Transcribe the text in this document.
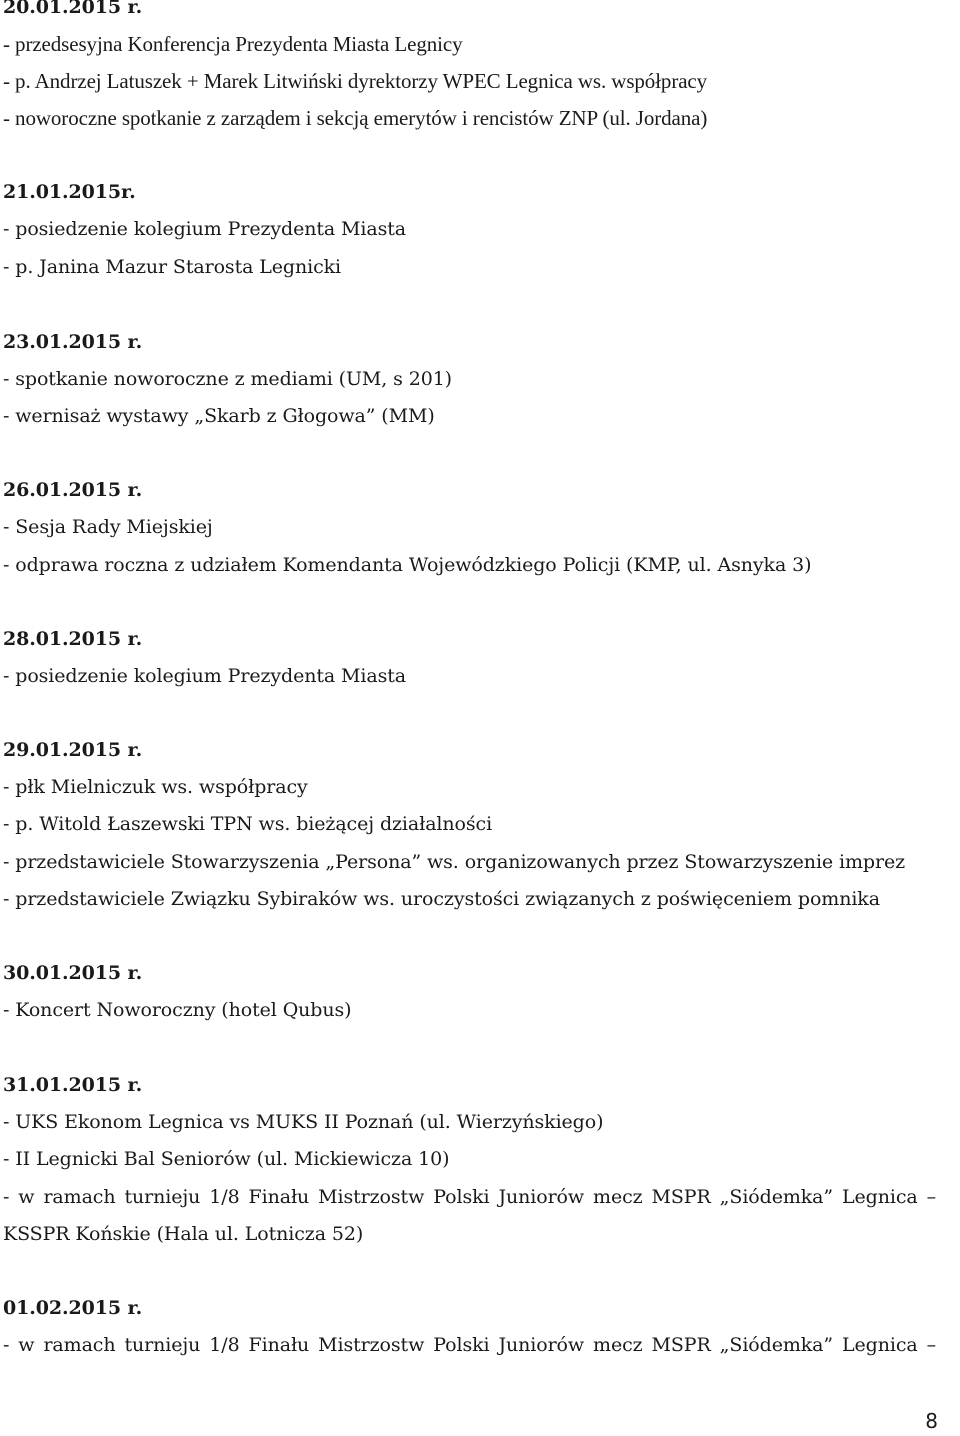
20.01.2015 r.
- przedsesyjna Konferencja Prezydenta Miasta Legnicy
- p. Andrzej Latuszek + Marek Litwiński dyrektorzy WPEC Legnica ws. współpracy
- noworoczne spotkanie z zarządem i sekcją emerytów i rencistów ZNP (ul. Jordana)
21.01.2015r.
- posiedzenie kolegium Prezydenta Miasta
- p. Janina Mazur Starosta Legnicki
23.01.2015 r.
- spotkanie noworoczne z mediami (UM, s 201)
- wernisaż wystawy „Skarb z Głogowa” (MM)
26.01.2015 r.
- Sesja Rady Miejskiej
- odprawa roczna z udziałem Komendanta Wojewódzkiego Policji (KMP, ul. Asnyka 3)
28.01.2015 r.
- posiedzenie kolegium Prezydenta Miasta
29.01.2015 r.
- płk Mielniczuk ws. współpracy
- p. Witold Łaszewski TPN ws. bieżącej działalności
- przedstawiciele Stowarzyszenia „Persona” ws. organizowanych przez Stowarzyszenie imprez
- przedstawiciele Związku Sybiraków ws. uroczystości związanych z poświęceniem pomnika
30.01.2015 r.
- Koncert Noworoczny (hotel Qubus)
31.01.2015 r.
- UKS Ekonom Legnica vs MUKS II Poznań (ul. Wierzyńskiego)
- II Legnicki Bal Seniorów (ul. Mickiewicza 10)
- w ramach turnieju 1/8 Finału Mistrzostw Polski Juniorów mecz MSPR „Siódemka” Legnica –
KSSPR Końskie (Hala ul. Lotnicza 52)
01.02.2015 r.
- w ramach turnieju 1/8 Finału Mistrzostw Polski Juniorów mecz MSPR „Siódemka” Legnica –
8
